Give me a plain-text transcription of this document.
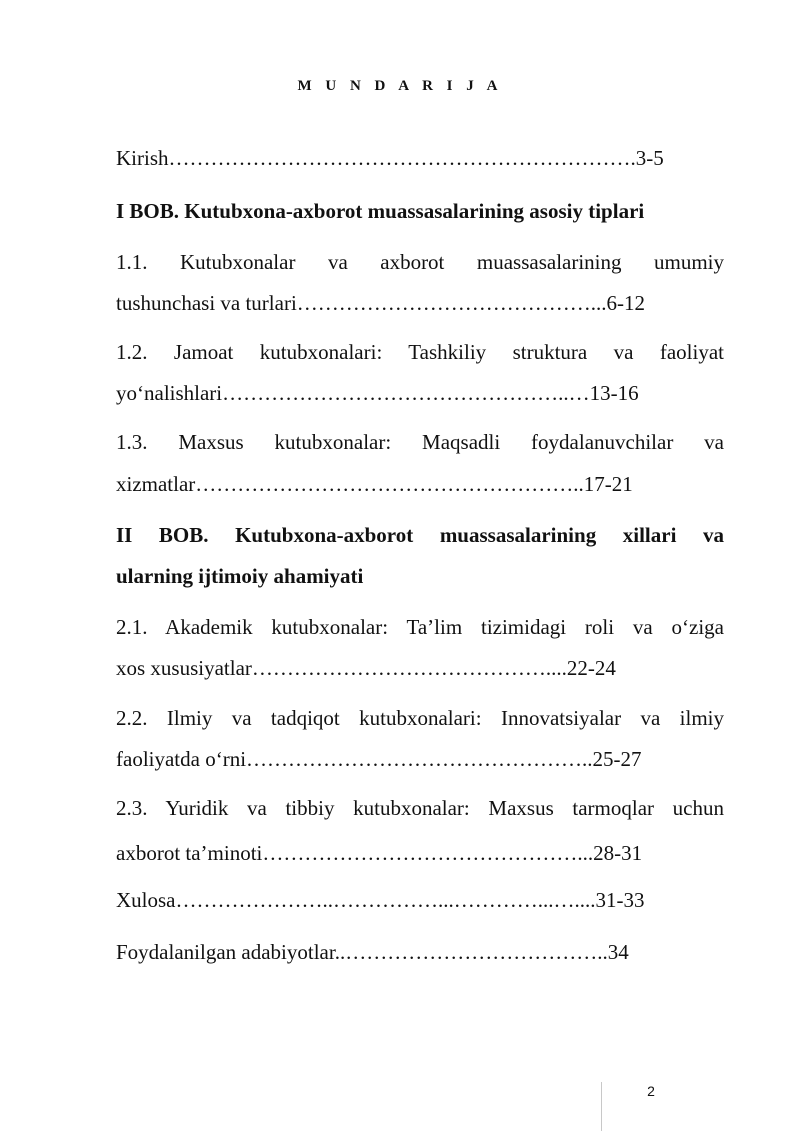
M U N D A R I J A
Kirish………………………………………………………….3-5
I BOB. Kutubxona-axborot muassasalarining asosiy tiplari
1.1. Kutubxonalar va axborot muassasalarining umumiy
tushunchasi va turlari……………………………………...6-12
1.2. Jamoat kutubxonalari: Tashkiliy struktura va faoliyat
yo‘nalishlari…………………………………………..…13-16
1.3. Maxsus kutubxonalar: Maqsadli foydalanuvchilar va
xizmatlar………………………………………………..17-21
II BOB. Kutubxona-axborot muassasalarining xillari va
ularning ijtimoiy ahamiyati
2.1. Akademik kutubxonalar: Ta’lim tizimidagi roli va o‘ziga
xos xususiyatlar……………………………………....22-24
2.2. Ilmiy va tadqiqot kutubxonalari: Innovatsiyalar va ilmiy
faoliyatda o‘rni…………………………………………..25-27
2.3. Yuridik va tibbiy kutubxonalar: Maxsus tarmoqlar uchun
axborot ta’minoti………………………………………...28-31
Xulosa…………………..……………...…………...…....31-33
Foydalanilgan adabiyotlar..………………………………..34
2
